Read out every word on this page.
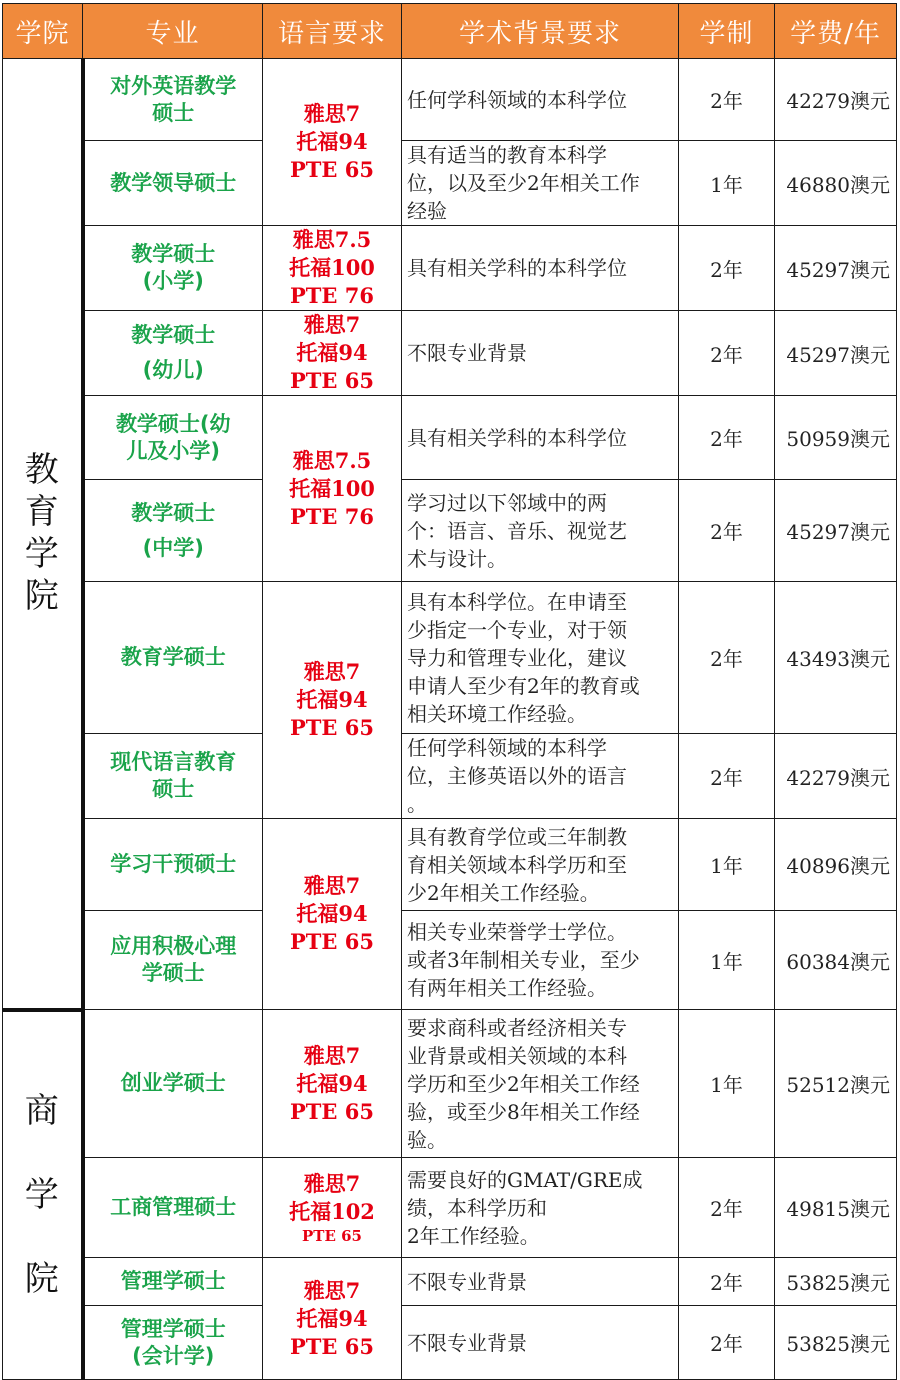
学院	专业	语言要求	学术背景要求	学制	学费/年

教
育
学
院	对外英语教学
硕士	雅思7
托福94
PTE 65	任何学科领域的本科学位	2年	42279澳元

	教学领导硕士		具有适当的教育本科学
位，以及至少2年相关工作
经验	1年	46880澳元

	教学硕士
(小学)	雅思7.5
托福100
PTE 76	具有相关学科的本科学位	2年	45297澳元

	教学硕士
(幼儿)	雅思7
托福94
PTE 65	不限专业背景	2年	45297澳元

	教学硕士(幼
儿及小学)	雅思7.5
托福100
PTE 76	具有相关学科的本科学位	2年	50959澳元

	教学硕士
(中学)		学习过以下邻域中的两
个：语言、音乐、视觉艺
术与设计。	2年	45297澳元

	教育学硕士	雅思7
托福94
PTE 65	具有本科学位。在申请至
少指定一个专业，对于领
导力和管理专业化，建议
申请人至少有2年的教育或
相关环境工作经验。	2年	43493澳元

	现代语言教育
硕士		任何学科领域的本科学
位，主修英语以外的语言
。	2年	42279澳元

	学习干预硕士	雅思7
托福94
PTE 65	具有教育学位或三年制教
育相关领域本科学历和至
少2年相关工作经验。	1年	40896澳元

	应用积极心理
学硕士		相关专业荣誉学士学位。
或者3年制相关专业，至少
有两年相关工作经验。	1年	60384澳元

商
学
院	创业学硕士	雅思7
托福94
PTE 65	要求商科或者经济相关专
业背景或相关领域的本科
学历和至少2年相关工作经
验，或至少8年相关工作经
验。	1年	52512澳元

	工商管理硕士	雅思7
托福102
PTE 65	需要良好的GMAT/GRE成
绩，本科学历和
2年工作经验。	2年	49815澳元

	管理学硕士	雅思7
托福94
PTE 65	不限专业背景	2年	53825澳元

	管理学硕士
(会计学)		不限专业背景	2年	53825澳元
